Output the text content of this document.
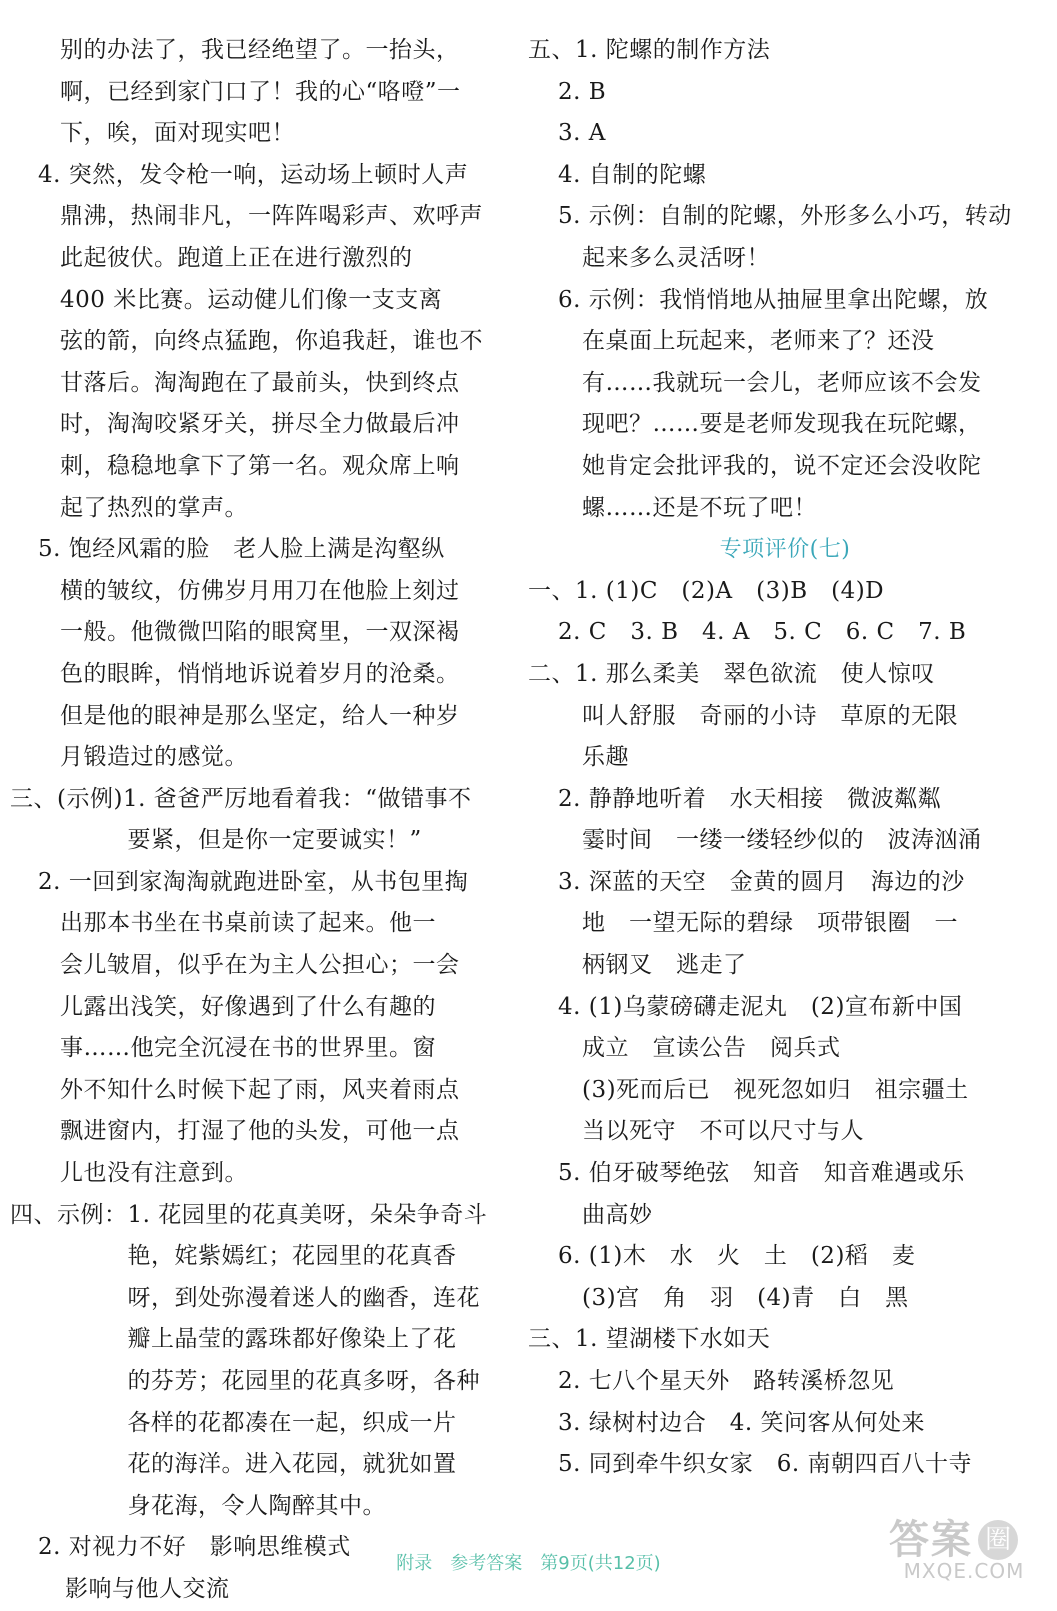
别的办法了，我已经绝望了。一抬头，
啊，已经到家门口了！我的心“咯噔”一
下，唉，面对现实吧！
4. 突然，发令枪一响，运动场上顿时人声
鼎沸，热闹非凡，一阵阵喝彩声、欢呼声
此起彼伏。跑道上正在进行激烈的
400 米比赛。运动健儿们像一支支离
弦的箭，向终点猛跑，你追我赶，谁也不
甘落后。淘淘跑在了最前头，快到终点
时，淘淘咬紧牙关，拼尽全力做最后冲
刺，稳稳地拿下了第一名。观众席上响
起了热烈的掌声。
5. 饱经风霜的脸　老人脸上满是沟壑纵
横的皱纹，仿佛岁月用刀在他脸上刻过
一般。他微微凹陷的眼窝里，一双深褐
色的眼眸，悄悄地诉说着岁月的沧桑。
但是他的眼神是那么坚定，给人一种岁
月锻造过的感觉。
三、(示例)1. 爸爸严厉地看着我：“做错事不
　　　　　要紧，但是你一定要诚实！”
2. 一回到家淘淘就跑进卧室，从书包里掏
出那本书坐在书桌前读了起来。他一
会儿皱眉，似乎在为主人公担心；一会
儿露出浅笑，好像遇到了什么有趣的
事……他完全沉浸在书的世界里。窗
外不知什么时候下起了雨，风夹着雨点
飘进窗内，打湿了他的头发，可他一点
儿也没有注意到。
四、示例：1. 花园里的花真美呀，朵朵争奇斗
　　　　　艳，姹紫嫣红；花园里的花真香
　　　　　呀，到处弥漫着迷人的幽香，连花
　　　　　瓣上晶莹的露珠都好像染上了花
　　　　　的芬芳；花园里的花真多呀，各种
　　　　　各样的花都凑在一起，织成一片
　　　　　花的海洋。进入花园，就犹如置
　　　　　身花海，令人陶醉其中。
2. 对视力不好　影响思维模式
影响与他人交流
五、1. 陀螺的制作方法
2. B
3. A
4. 自制的陀螺
5. 示例：自制的陀螺，外形多么小巧，转动
起来多么灵活呀！
6. 示例：我悄悄地从抽屉里拿出陀螺，放
在桌面上玩起来，老师来了？还没
有……我就玩一会儿，老师应该不会发
现吧？……要是老师发现我在玩陀螺，
她肯定会批评我的，说不定还会没收陀
螺……还是不玩了吧！
专项评价(七)
一、1. (1)C　(2)A　(3)B　(4)D
2. C　3. B　4. A　5. C　6. C　7. B
二、1. 那么柔美　翠色欲流　使人惊叹
叫人舒服　奇丽的小诗　草原的无限
乐趣
2. 静静地听着　水天相接　微波粼粼
霎时间　一缕一缕轻纱似的　波涛汹涌
3. 深蓝的天空　金黄的圆月　海边的沙
地　一望无际的碧绿　项带银圈　一
柄钢叉　逃走了
4. (1)乌蒙磅礴走泥丸　(2)宣布新中国
成立　宣读公告　阅兵式
(3)死而后已　视死忽如归　祖宗疆土
当以死守　不可以尺寸与人
5. 伯牙破琴绝弦　知音　知音难遇或乐
曲高妙
6. (1)木　水　火　土　(2)稻　麦
(3)宫　角　羽　(4)青　白　黑
三、1. 望湖楼下水如天
2. 七八个星天外　路转溪桥忽见
3. 绿树村边合　4. 笑问客从何处来
5. 同到牵牛织女家　6. 南朝四百八十寺
附录　参考答案　第9页(共12页)
答案 圈
MXQE.COM
